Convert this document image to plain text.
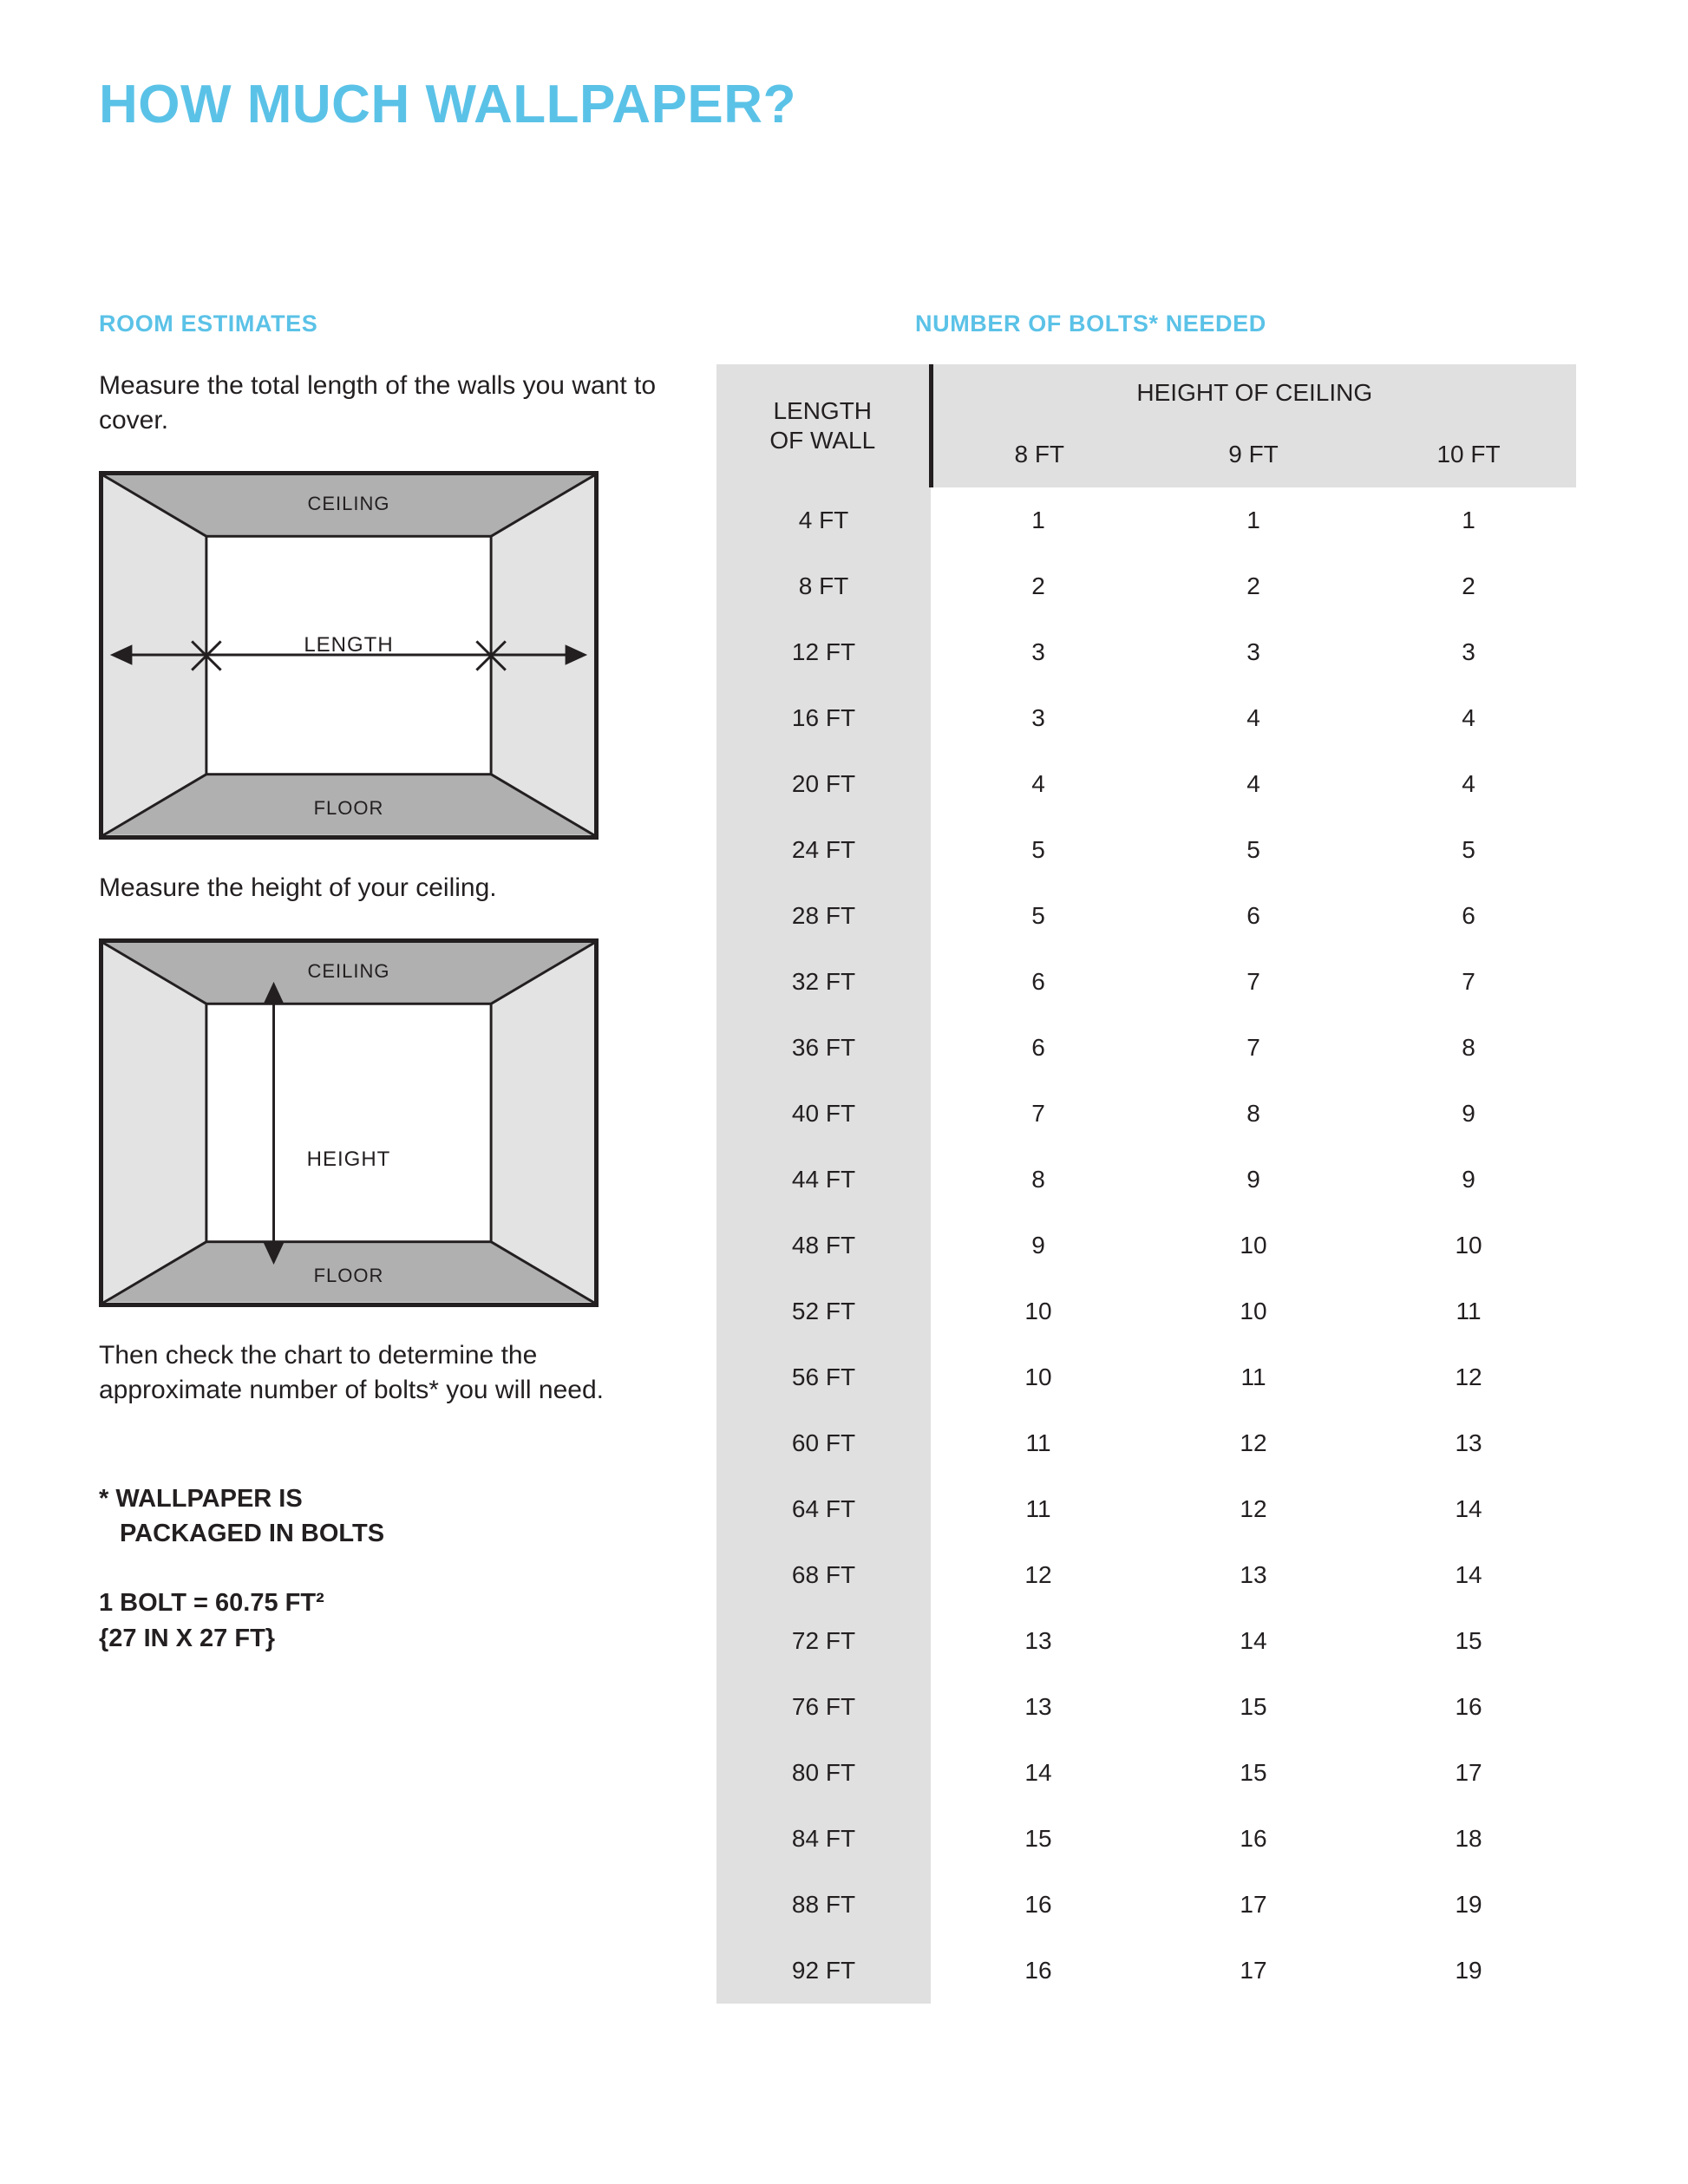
HOW MUCH WALLPAPER?
ROOM ESTIMATES
Measure the total length of the walls you want to cover.
CEILING
FLOOR
LENGTH
Measure the height of your ceiling.
CEILING
FLOOR
HEIGHT
Then check the chart to determine the approximate number of bolts* you will need.
* WALLPAPER IS
PACKAGED IN BOLTS
1 BOLT = 60.75 FT²
{27 IN X 27 FT}
NUMBER OF BOLTS* NEEDED
LENGTH
OF WALL	HEIGHT OF CEILING		
	8 FT	9 FT	10 FT
4 FT	1	1	1
8 FT	2	2	2
12 FT	3	3	3
16 FT	3	4	4
20 FT	4	4	4
24 FT	5	5	5
28 FT	5	6	6
32 FT	6	7	7
36 FT	6	7	8
40 FT	7	8	9
44 FT	8	9	9
48 FT	9	10	10
52 FT	10	10	11
56 FT	10	11	12
60 FT	11	12	13
64 FT	11	12	14
68 FT	12	13	14
72 FT	13	14	15
76 FT	13	15	16
80 FT	14	15	17
84 FT	15	16	18
88 FT	16	17	19
92 FT	16	17	19
